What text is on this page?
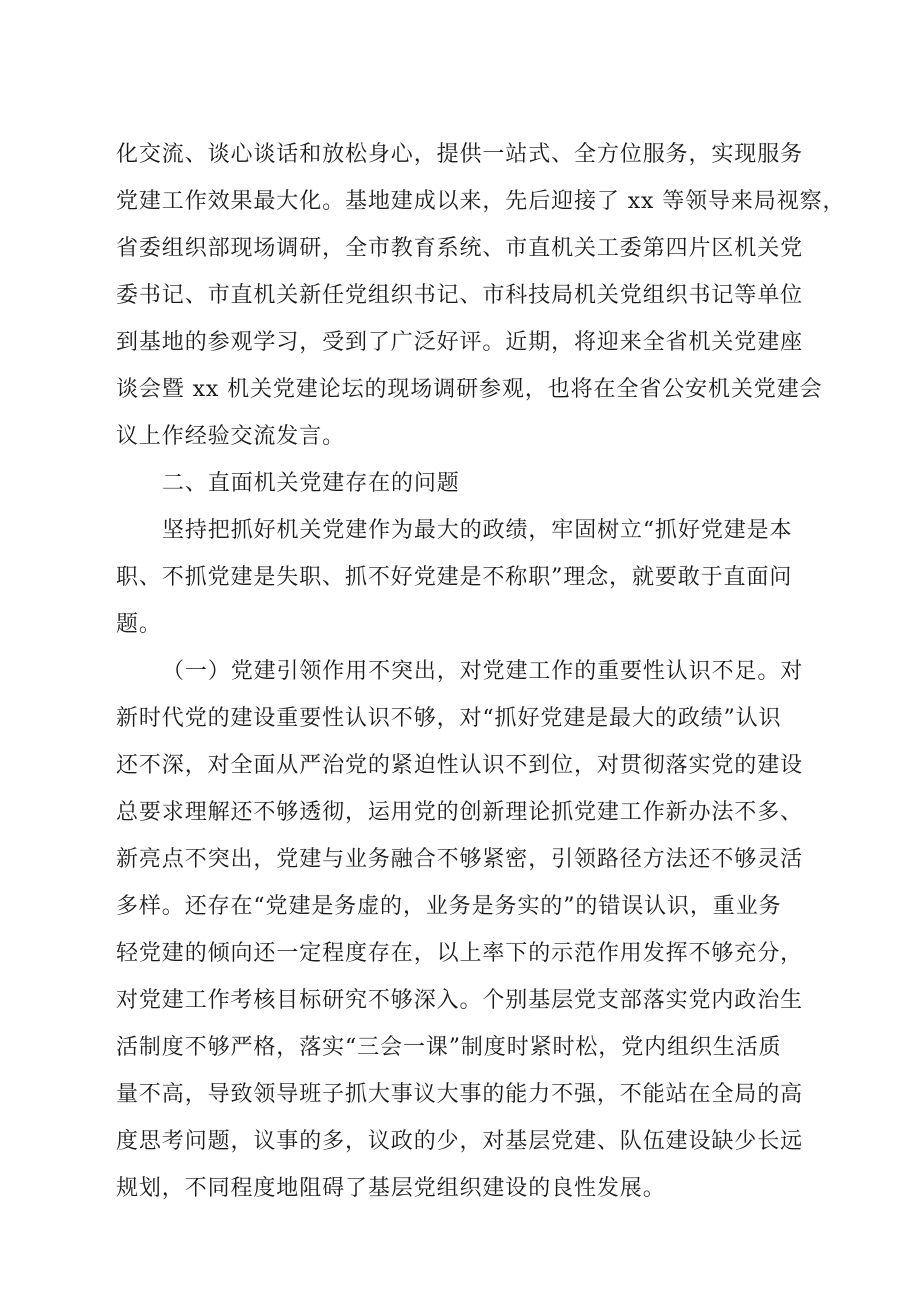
化交流、谈心谈话和放松身心，提供一站式、全方位服务，实现服务
党建工作效果最大化。基地建成以来，先后迎接了 xx 等领导来局视察，
省委组织部现场调研，全市教育系统、市直机关工委第四片区机关党
委书记、市直机关新任党组织书记、市科技局机关党组织书记等单位
到基地的参观学习，受到了广泛好评。近期，将迎来全省机关党建座
谈会暨 xx 机关党建论坛的现场调研参观，也将在全省公安机关党建会
议上作经验交流发言。
二、直面机关党建存在的问题
坚持把抓好机关党建作为最大的政绩，牢固树立“抓好党建是本
职、不抓党建是失职、抓不好党建是不称职”理念，就要敢于直面问
题。
（一）党建引领作用不突出，对党建工作的重要性认识不足。对
新时代党的建设重要性认识不够，对“抓好党建是最大的政绩”认识
还不深，对全面从严治党的紧迫性认识不到位，对贯彻落实党的建设
总要求理解还不够透彻，运用党的创新理论抓党建工作新办法不多、
新亮点不突出，党建与业务融合不够紧密，引领路径方法还不够灵活
多样。还存在“党建是务虚的，业务是务实的”的错误认识，重业务
轻党建的倾向还一定程度存在，以上率下的示范作用发挥不够充分，
对党建工作考核目标研究不够深入。个别基层党支部落实党内政治生
活制度不够严格，落实“三会一课”制度时紧时松，党内组织生活质
量不高，导致领导班子抓大事议大事的能力不强，不能站在全局的高
度思考问题，议事的多，议政的少，对基层党建、队伍建设缺少长远
规划，不同程度地阻碍了基层党组织建设的良性发展。
